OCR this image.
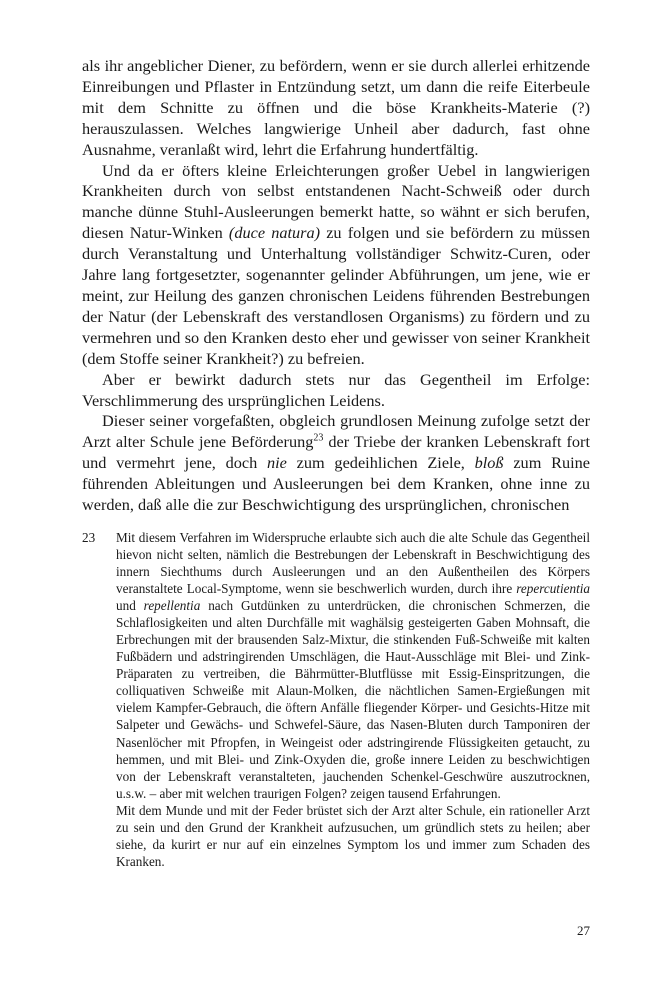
als ihr angeblicher Diener, zu befördern, wenn er sie durch allerlei erhitzende Einreibungen und Pflaster in Entzündung setzt, um dann die reife Eiterbeule mit dem Schnitte zu öffnen und die böse Krankheits-Materie (?) herauszulassen. Welches langwierige Unheil aber dadurch, fast ohne Ausnahme, veranlaßt wird, lehrt die Erfahrung hundertfältig.

Und da er öfters kleine Erleichterungen großer Uebel in langwierigen Krankheiten durch von selbst entstandenen Nacht-Schweiß oder durch manche dünne Stuhl-Ausleerungen bemerkt hatte, so wähnt er sich berufen, diesen Natur-Winken (duce natura) zu folgen und sie befördern zu müssen durch Veranstaltung und Unterhaltung vollständiger Schwitz-Curen, oder Jahre lang fortgesetzter, sogenannter gelinder Abführungen, um jene, wie er meint, zur Heilung des ganzen chronischen Leidens führenden Bestrebungen der Natur (der Lebenskraft des verstandlosen Organisms) zu fördern und zu vermehren und so den Kranken desto eher und gewisser von seiner Krankheit (dem Stoffe seiner Krankheit?) zu befreien.

Aber er bewirkt dadurch stets nur das Gegentheil im Erfolge: Verschlimmerung des ursprünglichen Leidens.

Dieser seiner vorgefaßten, obgleich grundlosen Meinung zufolge setzt der Arzt alter Schule jene Beförderung$^{23}$ der Triebe der kranken Lebenskraft fort und vermehrt jene, doch nie zum gedeihlichen Ziele, bloß zum Ruine führenden Ableitungen und Ausleerungen bei dem Kranken, ohne inne zu werden, daß alle die zur Beschwichtigung des ursprünglichen, chronischen

23 Mit diesem Verfahren im Widerspruche erlaubte sich auch die alte Schule das Gegentheil hievon nicht selten, nämlich die Bestrebungen der Lebenskraft in Beschwichtigung des innern Siechthums durch Ausleerungen und an den Außentheilen des Körpers veranstaltete Local-Symptome, wenn sie beschwerlich wurden, durch ihre repercutientia und repellentia nach Gutdünken zu unterdrücken, die chronischen Schmerzen, die Schlaflosigkeiten und alten Durchfälle mit waghälsig gesteigerten Gaben Mohnsaft, die Erbrechungen mit der brausenden Salz-Mixtur, die stinkenden Fuß-Schweiße mit kalten Fußbädern und adstringirenden Umschlägen, die Haut-Ausschläge mit Blei- und Zink-Präparaten zu vertreiben, die Bährmütter-Blutflüsse mit Essig-Einspritzungen, die colliquativen Schweiße mit Alaun-Molken, die nächtlichen Samen-Ergießungen mit vielem Kampfer-Gebrauch, die öftern Anfälle fliegender Körper- und Gesichts-Hitze mit Salpeter und Gewächs- und Schwefel-Säure, das Nasen-Bluten durch Tamponiren der Nasenlöcher mit Pfropfen, in Weingeist oder adstringirende Flüssigkeiten getaucht, zu hemmen, und mit Blei- und Zink-Oxyden die, große innere Leiden zu beschwichtigen von der Lebenskraft veranstalteten, jauchenden Schenkel-Geschwüre auszutrocknen, u.s.w. – aber mit welchen traurigen Folgen? zeigen tausend Erfahrungen.

Mit dem Munde und mit der Feder brüstet sich der Arzt alter Schule, ein rationeller Arzt zu sein und den Grund der Krankheit aufzusuchen, um gründlich stets zu heilen; aber siehe, da kurirt er nur auf ein einzelnes Symptom los und immer zum Schaden des Kranken.

27
